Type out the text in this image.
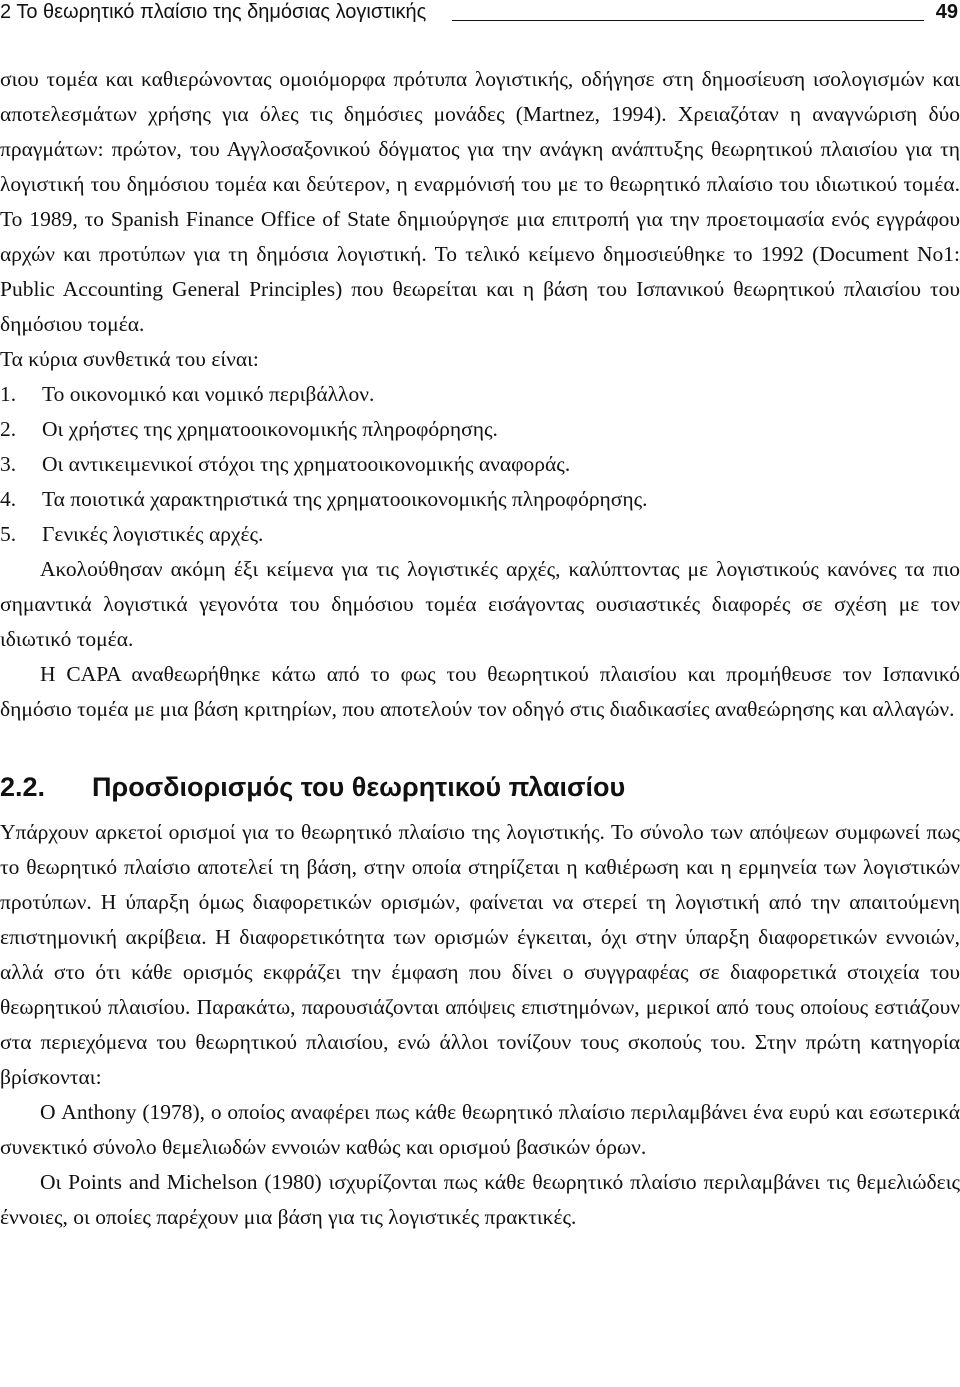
2 Το θεωρητικό πλαίσιο της δημόσιας λογιστικής	49

σιου τομέα και καθιερώνοντας ομοιόμορφα πρότυπα λογιστικής, οδήγησε στη δημοσίευση ισολογισμών και αποτελεσμάτων χρήσης για όλες τις δημόσιες μονάδες (Martnez, 1994). Χρειαζόταν η αναγνώριση δύο πραγμάτων: πρώτον, του Αγγλοσαξονικού δόγματος για την ανάγκη ανάπτυξης θεωρητικού πλαισίου για τη λογιστική του δημόσιου τομέα και δεύτερον, η εναρμόνισή του με το θεωρητικό πλαίσιο του ιδιωτικού τομέα. Το 1989, το Spanish Finance Office of State δημιούργησε μια επιτροπή για την προετοιμασία ενός εγγράφου αρχών και προτύπων για τη δημόσια λογιστική. Το τελικό κείμενο δημοσιεύθηκε το 1992 (Document No1: Public Accounting General Principles) που θεωρείται και η βάση του Ισπανικού θεωρητικού πλαισίου του δημόσιου τομέα.

Τα κύρια συνθετικά του είναι:

1.	Το οικονομικό και νομικό περιβάλλον.
2.	Οι χρήστες της χρηματοοικονομικής πληροφόρησης.
3.	Οι αντικειμενικοί στόχοι της χρηματοοικονομικής αναφοράς.
4.	Τα ποιοτικά χαρακτηριστικά της χρηματοοικονομικής πληροφόρησης.
5.	Γενικές λογιστικές αρχές.

Ακολούθησαν ακόμη έξι κείμενα για τις λογιστικές αρχές, καλύπτοντας με λογιστικούς κανόνες τα πιο σημαντικά λογιστικά γεγονότα του δημόσιου τομέα εισάγοντας ουσιαστικές διαφορές σε σχέση με τον ιδιωτικό τομέα.

Η CAPA αναθεωρήθηκε κάτω από το φως του θεωρητικού πλαισίου και προμήθευσε τον Ισπανικό δημόσιο τομέα με μια βάση κριτηρίων, που αποτελούν τον οδηγό στις διαδικασίες αναθεώρησης και αλλαγών.

2.2.	Προσδιορισμός του θεωρητικού πλαισίου

Υπάρχουν αρκετοί ορισμοί για το θεωρητικό πλαίσιο της λογιστικής. Το σύνολο των απόψεων συμφωνεί πως το θεωρητικό πλαίσιο αποτελεί τη βάση, στην οποία στηρίζεται η καθιέρωση και η ερμηνεία των λογιστικών προτύπων. Η ύπαρξη όμως διαφορετικών ορισμών, φαίνεται να στερεί τη λογιστική από την απαιτούμενη επιστημονική ακρίβεια. Η διαφορετικότητα των ορισμών έγκειται, όχι στην ύπαρξη διαφορετικών εννοιών, αλλά στο ότι κάθε ορισμός εκφράζει την έμφαση που δίνει ο συγγραφέας σε διαφορετικά στοιχεία του θεωρητικού πλαισίου. Παρακάτω, παρουσιάζονται απόψεις επιστημόνων, μερικοί από τους οποίους εστιάζουν στα περιεχόμενα του θεωρητικού πλαισίου, ενώ άλλοι τονίζουν τους σκοπούς του. Στην πρώτη κατηγορία βρίσκονται:

Ο Anthony (1978), ο οποίος αναφέρει πως κάθε θεωρητικό πλαίσιο περιλαμβάνει ένα ευρύ και εσωτερικά συνεκτικό σύνολο θεμελιωδών εννοιών καθώς και ορισμού βασικών όρων.

Οι Points and Michelson (1980) ισχυρίζονται πως κάθε θεωρητικό πλαίσιο περιλαμβάνει τις θεμελιώδεις έννοιες, οι οποίες παρέχουν μια βάση για τις λογιστικές πρακτικές.
